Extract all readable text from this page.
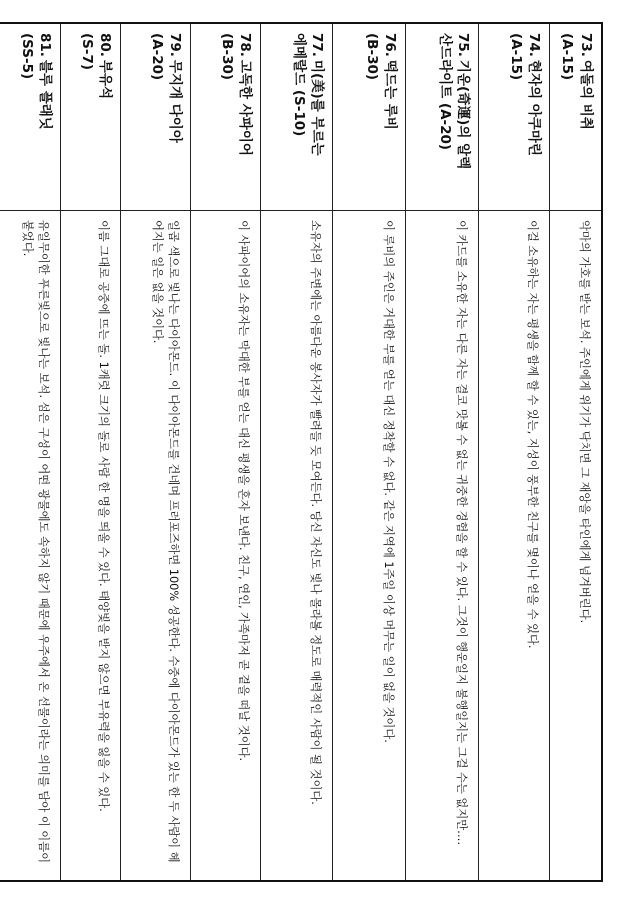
73.여돌의 비취
(A-15)	악마의 가호를 받는 보석. 주인에게 위기가 닥치면 그 재앙을 타인에게 넘겨버린다.
74.현자의 아쿠마린
(A-15)	이걸 소유하는 자는 평생을 함께 할 수 있는, 지성이 풍부한 친구를 몇이나 얻을 수 있다.
75.기운(奇運)의 알렉
산드라이트 (A-20)	이 카드를 소유한 자는 다른 자는 결코 맛볼 수 없는 귀중한 경험을 할 수 있다. 그것이 행운일지 불행일지는 그걸 수는 없지만….
76.떡드는 루비
(B-30)	이 루비의 주인은 거대한 부를 얻는 대신 정착할 수 없다. 같은 지역에 1주일 이상 머무는 일이 없을 것이다.
77.미(美)를 부르는
에메랄드 (S-10)	소유자의 주변에는 아름다운 봉사자가 빨려들 듯 모여든다. 당신 자신도 빛나 몰라볼 정도로 매력적인 사람이 될 것이다.
78.고독한 사파이어
(B-30)	이 사파이어의 소유자는 막대한 부를 얻는 대신 평생을 혼자 보낸다. 친구, 연인, 가족마저 곧 곁을 떠날 것이다.
79.무지개 다이아
(A-20)	일곱 색으로 빛나는 다이아몬드. 이 다이아몬드를 건네며 프러포즈하면 100% 성공한다. 수중에 다이아몬드가 있는 한 두 사람이 헤어지는 일은 없을 것이다.
80.부유석
(S-7)	이름 그대로 공중에 뜨는 돌. 1캐럿 크기의 돌로 사람 한 명을 띄울 수 있다. 태양빛을 받지 않으면 부유력을 잃을 수 있다.
81.블루 플래닛
(SS-5)	유일무이한 푸른빛으로 빛나는 보석. 섬은 구성이 어떤 광물에도 속하지 않기 때문에 우주에서 온 선물이라는 의미를 담아 이 이름이 붙었다.
